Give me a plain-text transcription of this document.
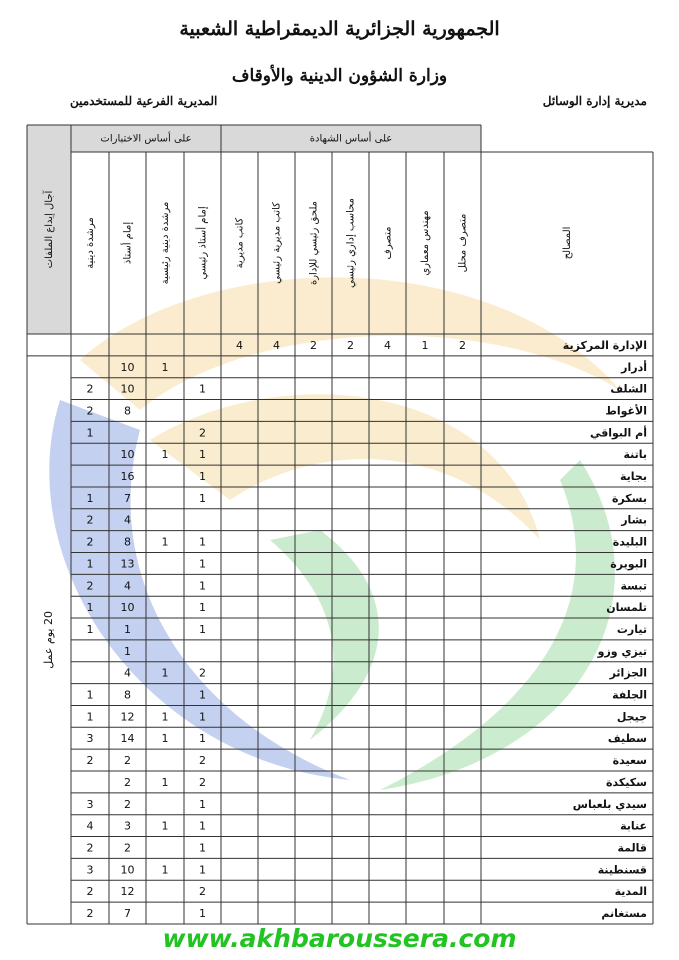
الجمهورية الجزائرية الديمقراطية الشعبية
وزارة الشؤون الدينية والأوقاف
مديرية إدارة الوسائل
المديرية الفرعية للمستخدمين
على أساس الاختبارات	على أساس الشهادة
آجال إيداع الملفات	المصالح
متصرف محلل
مهندس معماري
متصرف
محاسب إداري رئيسي
ملحق رئيسي للإدارة
كاتب مديرية رئيسي
كاتب مديرية
إمام أستاذ رئيسي
مرشدة دينية رئيسية
إمام أستاذ
مرشدة دينية
20 يوم عمل
الإدارة المركزية
2
1
4
2
2
4
4
أدرار
1
10
الشلف
1
10
2
الأغواط
8
2
أم البواقي
2
1
باتنة
1
1
10
بجاية
1
16
بسكرة
1
7
1
بشار
4
2
البليدة
1
1
8
2
البويرة
1
13
1
تبسة
1
4
2
تلمسان
1
10
1
تيارت
1
1
1
تيزي وزو
1
الجزائر
2
1
4
الجلفة
1
8
1
جيجل
1
1
12
1
سطيف
1
1
14
3
سعيدة
2
2
2
سكيكدة
2
1
2
سيدي بلعباس
1
2
3
عنابة
1
1
3
4
قالمة
1
2
2
قسنطينة
1
1
10
3
المدية
2
12
2
مستغانم
1
7
2
www.akhbaroussera.com
